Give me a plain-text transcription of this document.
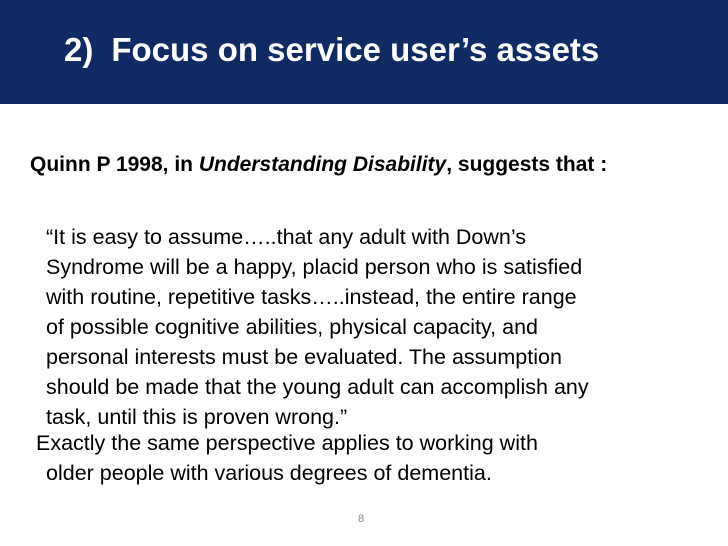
2) Focus on service user’s assets

Quinn P 1998, in Understanding Disability, suggests that :

“It is easy to assume…..that any adult with Down’s
Syndrome will be a happy, placid person who is satisfied
with routine, repetitive tasks…..instead, the entire range
of possible cognitive abilities, physical capacity, and
personal interests must be evaluated. The assumption
should be made that the young adult can accomplish any
task, until this is proven wrong.”

Exactly the same perspective applies to working with
older people with various degrees of dementia.

8
